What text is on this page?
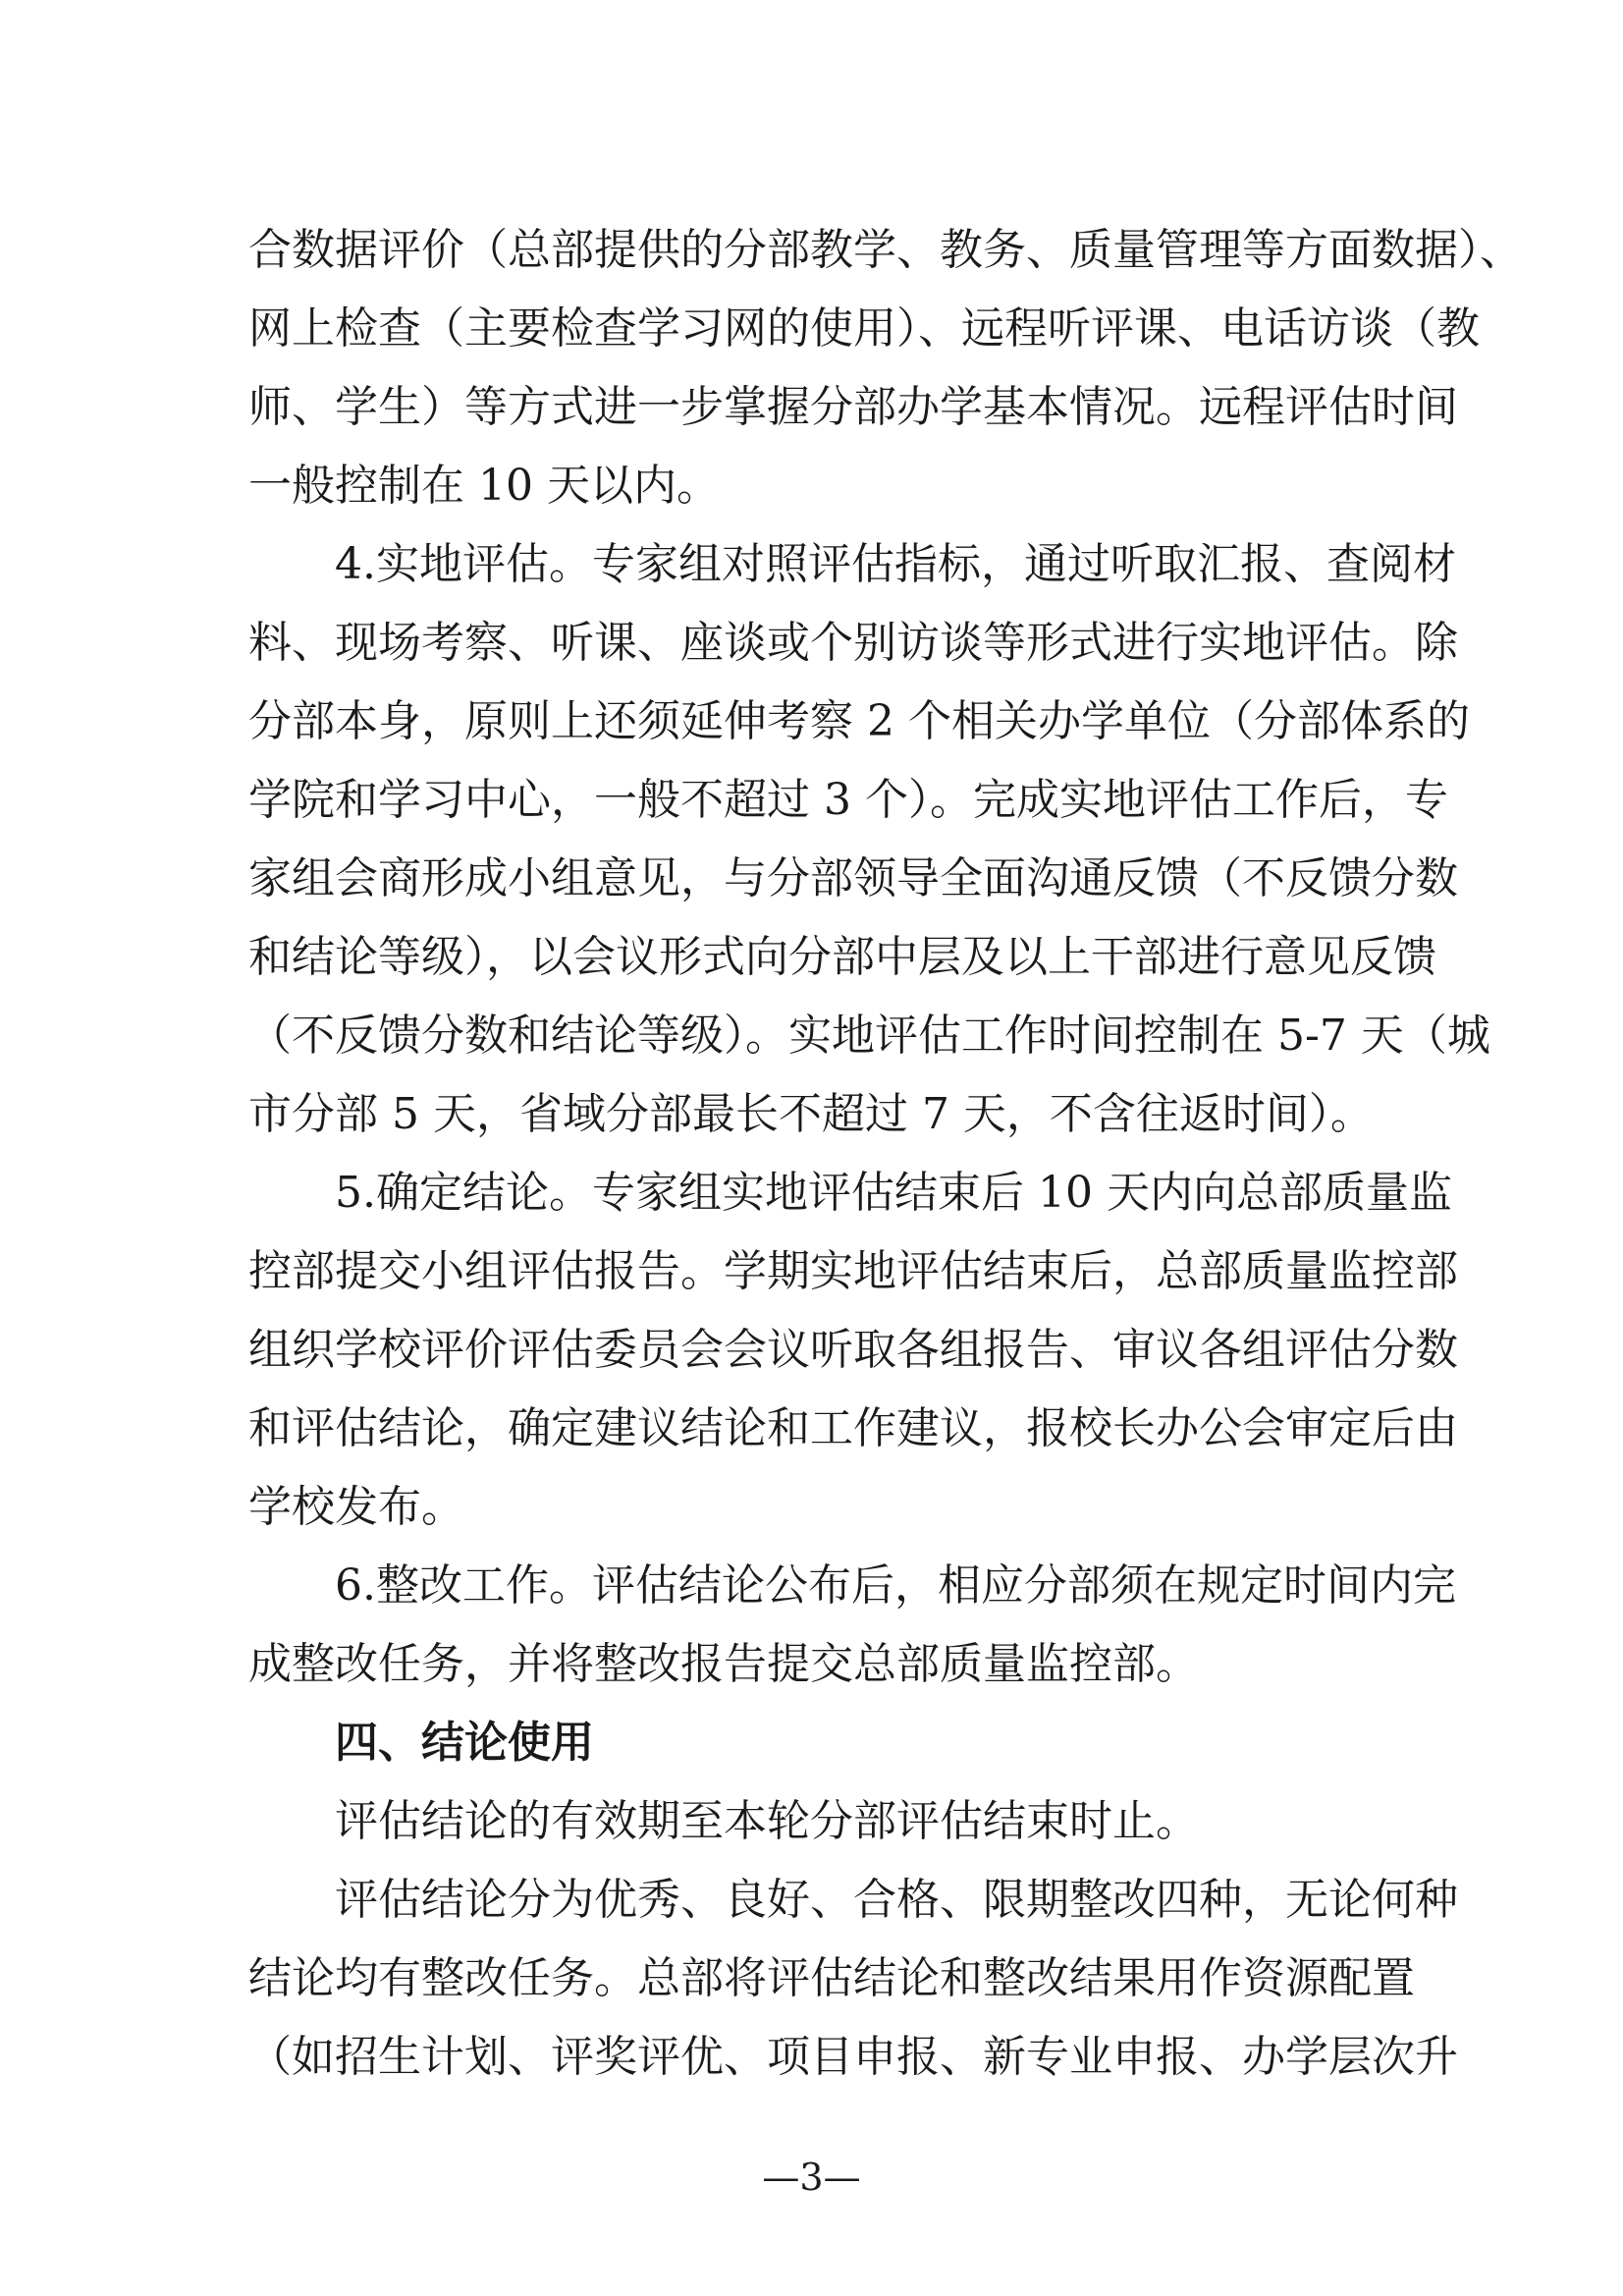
合数据评价（总部提供的分部教学、教务、质量管理等方面数据）、
网上检查（主要检查学习网的使用）、远程听评课、电话访谈（教
师、学生）等方式进一步掌握分部办学基本情况。远程评估时间
一般控制在 10 天以内。
4.实地评估。专家组对照评估指标，通过听取汇报、查阅材
料、现场考察、听课、座谈或个别访谈等形式进行实地评估。除
分部本身，原则上还须延伸考察 2 个相关办学单位（分部体系的
学院和学习中心，一般不超过 3 个）。完成实地评估工作后，专
家组会商形成小组意见，与分部领导全面沟通反馈（不反馈分数
和结论等级），以会议形式向分部中层及以上干部进行意见反馈
（不反馈分数和结论等级）。实地评估工作时间控制在 5-7 天（城
市分部 5 天，省域分部最长不超过 7 天，不含往返时间）。
5.确定结论。专家组实地评估结束后 10 天内向总部质量监
控部提交小组评估报告。学期实地评估结束后，总部质量监控部
组织学校评价评估委员会会议听取各组报告、审议各组评估分数
和评估结论，确定建议结论和工作建议，报校长办公会审定后由
学校发布。
6.整改工作。评估结论公布后，相应分部须在规定时间内完
成整改任务，并将整改报告提交总部质量监控部。
四、结论使用
评估结论的有效期至本轮分部评估结束时止。
评估结论分为优秀、良好、合格、限期整改四种，无论何种
结论均有整改任务。总部将评估结论和整改结果用作资源配置
（如招生计划、评奖评优、项目申报、新专业申报、办学层次升
—3—
